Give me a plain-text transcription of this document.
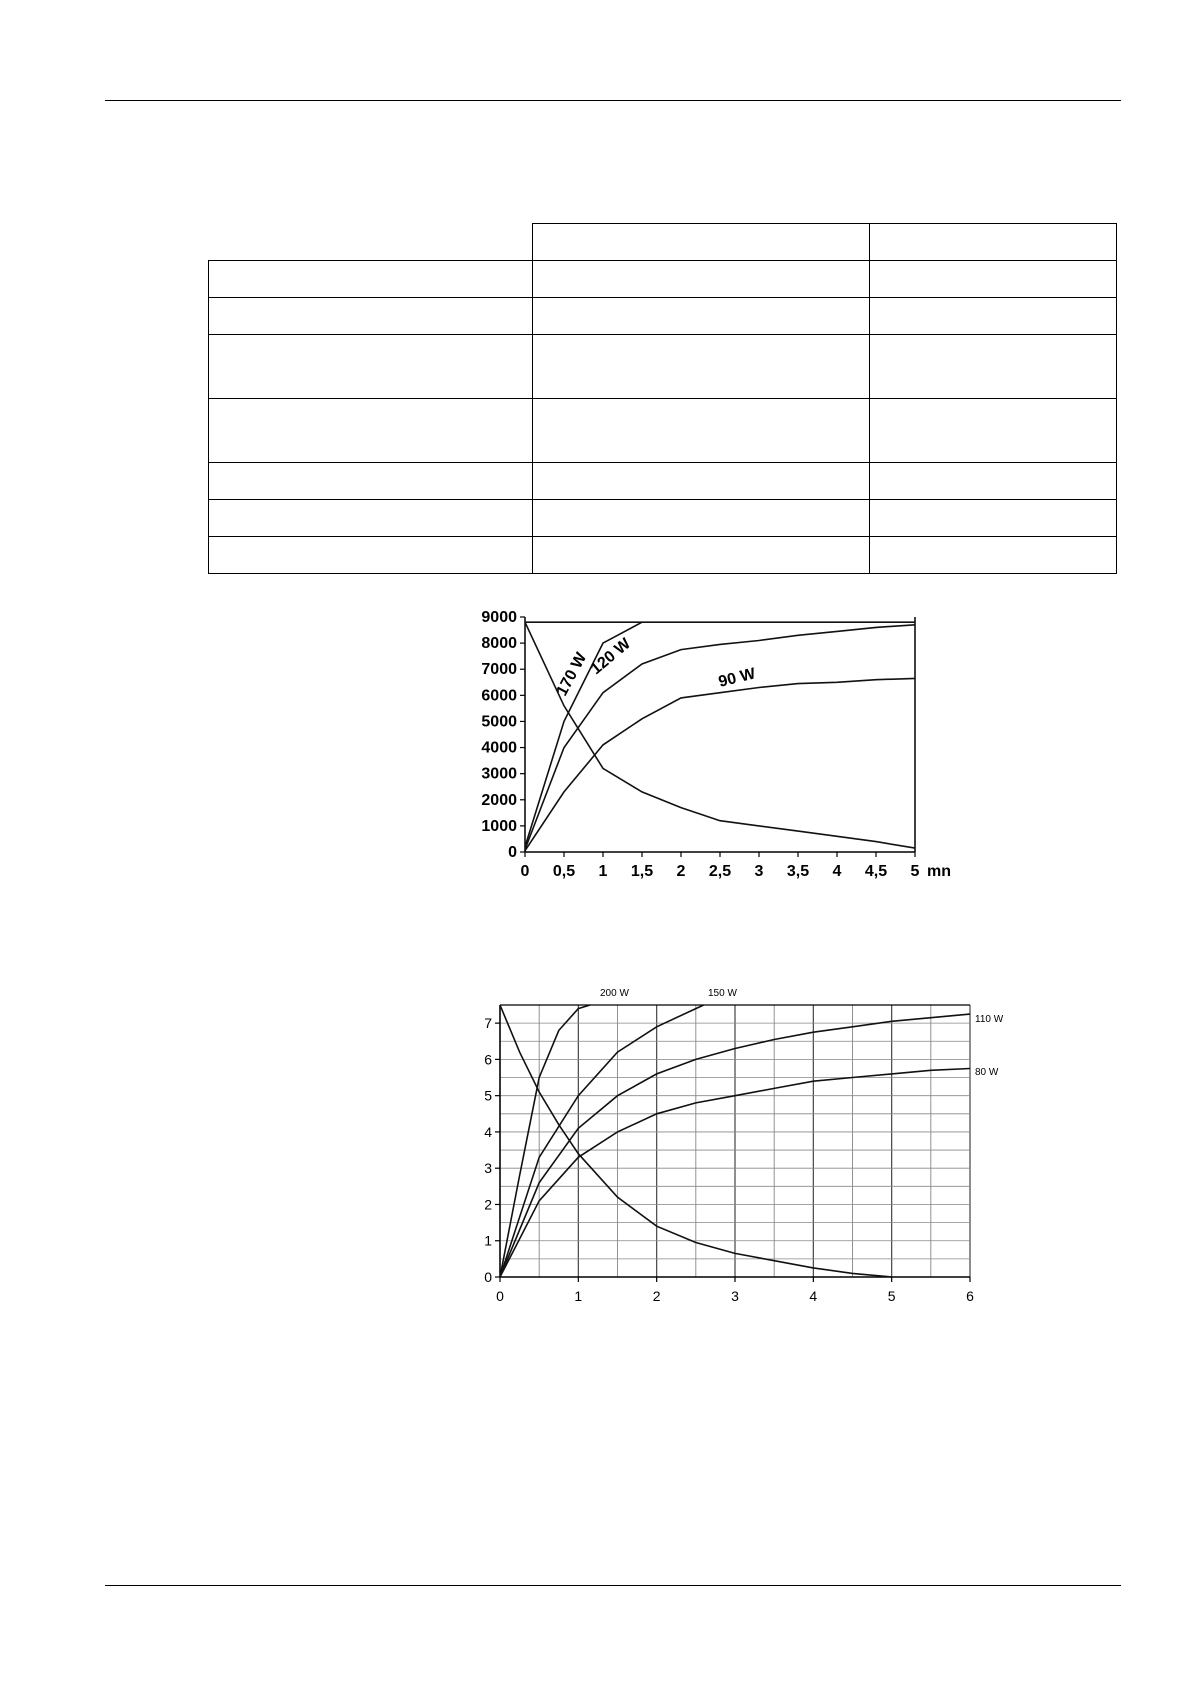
0 0,5 1 1,5 2 2,5 3 3,5 4 4,5 5
0
1000
2000
3000
4000
5000
6000
7000
8000
9000
mn
170 W
120 W
90 W
0	1	2	3	4	5	6
0
1
2
3
4
5
6
7
200 W	150 W
110 W
80 W
